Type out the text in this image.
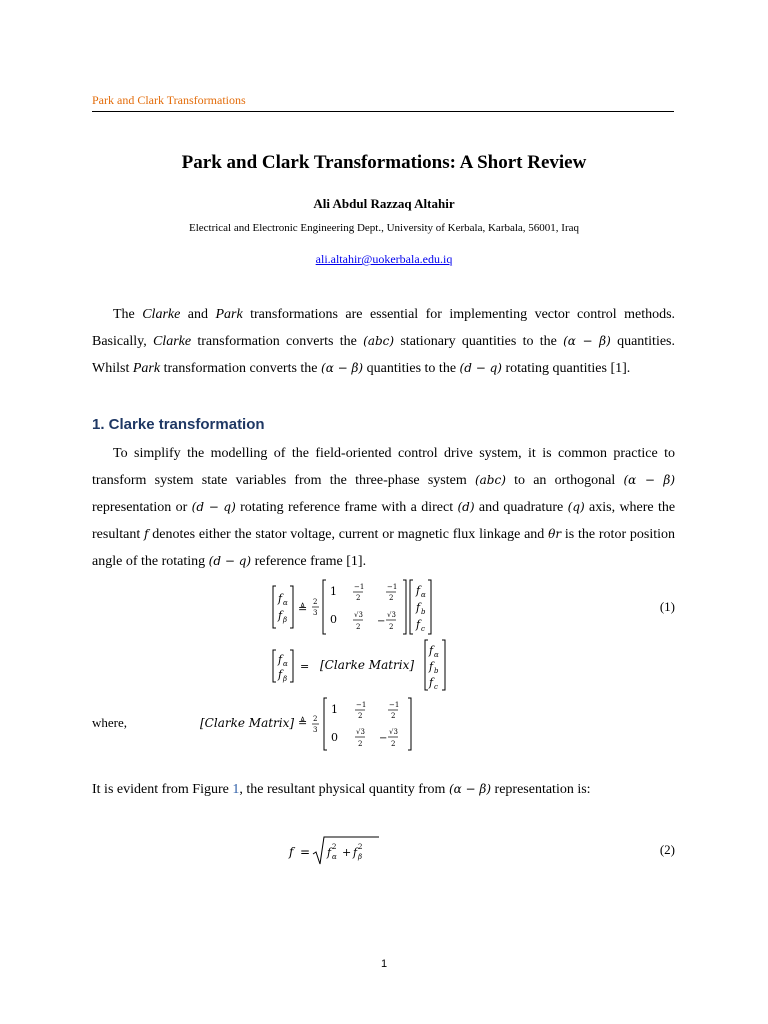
Park and Clark Transformations
Park and Clark Transformations: A Short Review
Ali Abdul Razzaq Altahir
Electrical and Electronic Engineering Dept., University of Kerbala, Karbala, 56001, Iraq
ali.altahir@uokerbala.edu.iq

The Clarke and Park transformations are essential for implementing vector control methods. Basically, Clarke transformation converts the (abc) stationary quantities to the (α − β) quantities. Whilst Park transformation converts the (α − β) quantities to the (d − q) rotating quantities [1].

1. Clarke transformation

To simplify the modelling of the field-oriented control drive system, it is common practice to transform system state variables from the three-phase system (abc) to an orthogonal (α − β) representation or (d − q) rotating reference frame with a direct (d) and quadrature (q) axis, where the resultant f denotes either the stator voltage, current or magnetic flux linkage and θr is the rotor position angle of the rotating (d − q) reference frame [1].

f α
f β
≜ 2
3
1 −1
2
−1
2
0 √3
2 −
√3
2
f α
f b
f c
(1)
f α
f β
= [Clarke Matrix]
f α
f b
f c
where,	[Clarke Matrix] ≜ 2
3
1	−1
2
−1
2
0	√3
2 −
√3
2
It is evident from Figure 1, the resultant physical quantity from (α − β) representation is:
f = f α
2 + f β
2	(2)
1
